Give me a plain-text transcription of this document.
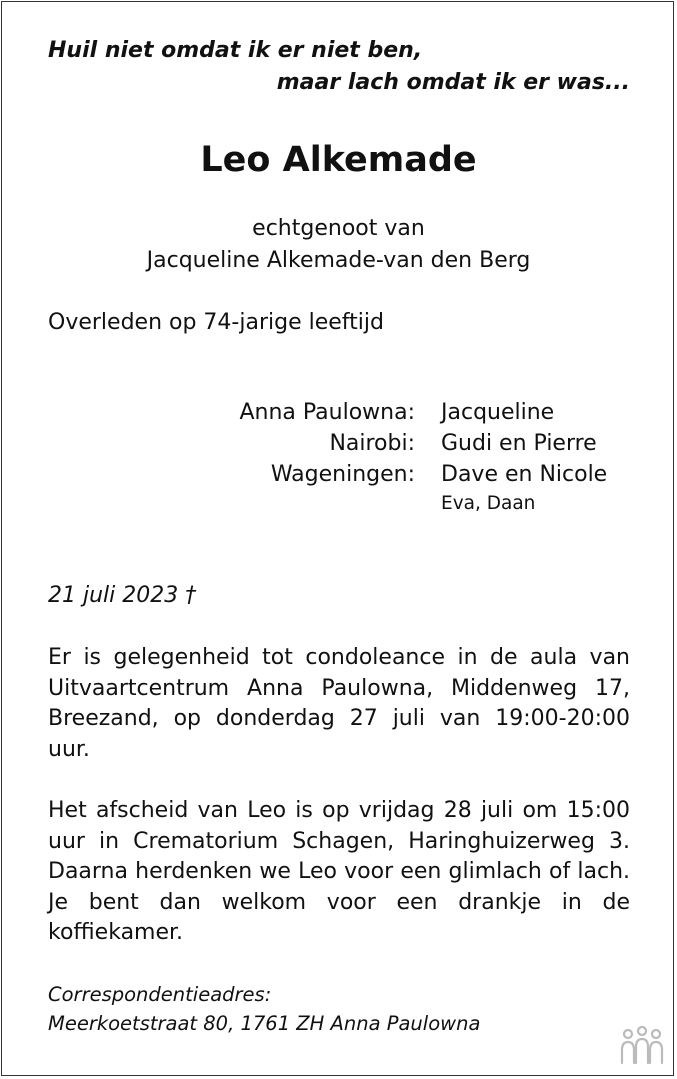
Huil niet omdat ik er niet ben,
maar lach omdat ik er was...
Leo Alkemade
echtgenoot van
Jacqueline Alkemade-van den Berg
Overleden op 74-jarige leeftijd
Anna Paulowna: Jacqueline
Nairobi: Gudi en Pierre
Wageningen: Dave en Nicole
Eva, Daan
21 juli 2023 †

Er is gelegenheid tot condoleance in de aula van Uitvaartcentrum Anna Paulowna, Middenweg 17, Breezand, op donderdag 27 juli van 19:00-20:00 uur.

Het afscheid van Leo is op vrijdag 28 juli om 15:00 uur in Crematorium Schagen, Haringhuizerweg 3. Daarna herdenken we Leo voor een glimlach of lach. Je bent dan welkom voor een drankje in de koffiekamer.

Correspondentieadres:
Meerkoetstraat 80, 1761 ZH Anna Paulowna
